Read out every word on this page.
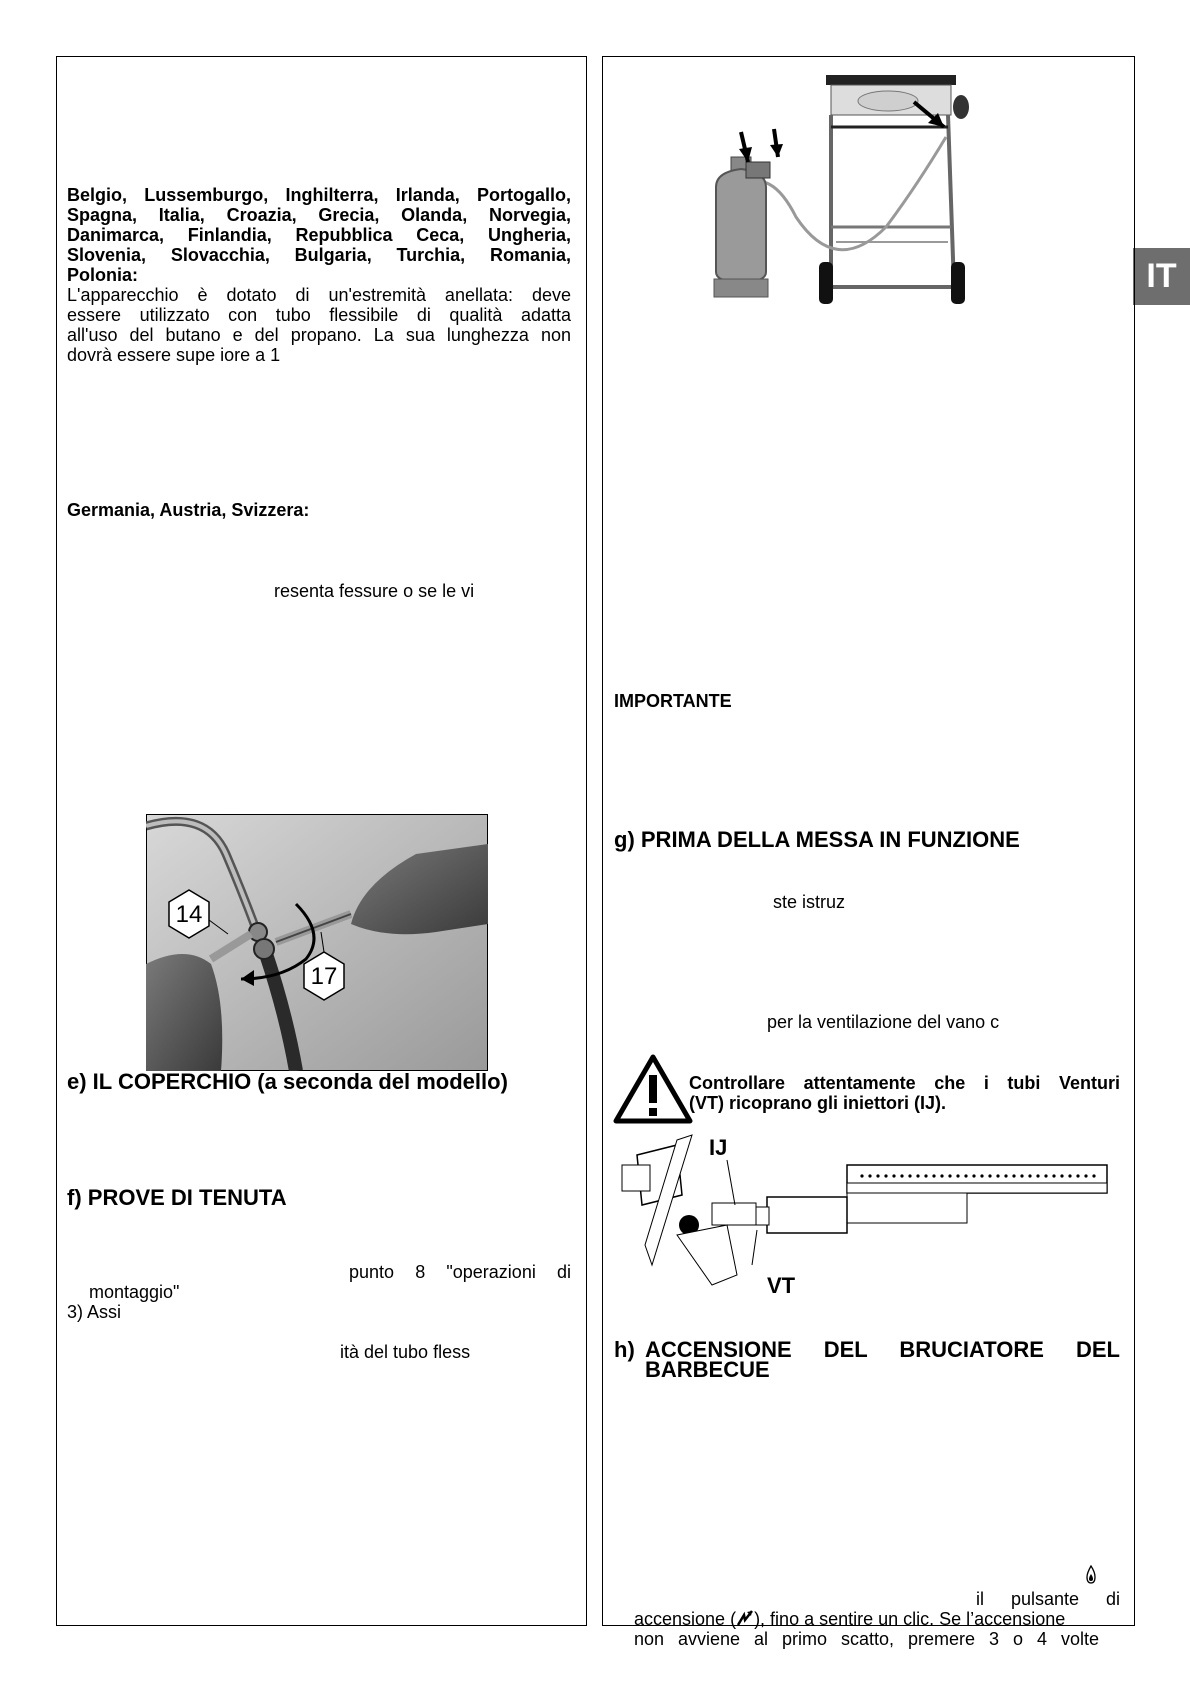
IT
Belgio, Lussemburgo, Inghilterra, Irlanda, Portogallo,
Spagna, Italia, Croazia, Grecia, Olanda, Norvegia,
Danimarca, Finlandia, Repubblica Ceca, Ungheria,
Slovenia, Slovacchia, Bulgaria, Turchia, Romania,
Polonia:
L'apparecchio è dotato di un'estremità anellata: deve
essere utilizzato con tubo flessibile di qualità adatta
all'uso del butano e del propano. La sua lunghezza non
dovrà essere supe iore a 1
Germania, Austria, Svizzera:
resenta fessure o se le vi
14
17
e) IL COPERCHIO (a seconda del modello)
f) PROVE DI TENUTA
punto 8 "operazioni di
montaggio"
3) Assi
ità del tubo fless
IMPORTANTE
g) PRIMA DELLA MESSA IN FUNZIONE
ste istruz
per la ventilazione del vano c
Controllare attentamente che i tubi Venturi
(VT) ricoprano gli iniettori (IJ).
IJ
VT
h) ACCENSIONE DEL BRUCIATORE DEL
BARBECUE
il pulsante di
accensione ( ), fino a sentire un clic. Se l’accensione
non avviene al primo scatto, premere 3 o 4 volte
